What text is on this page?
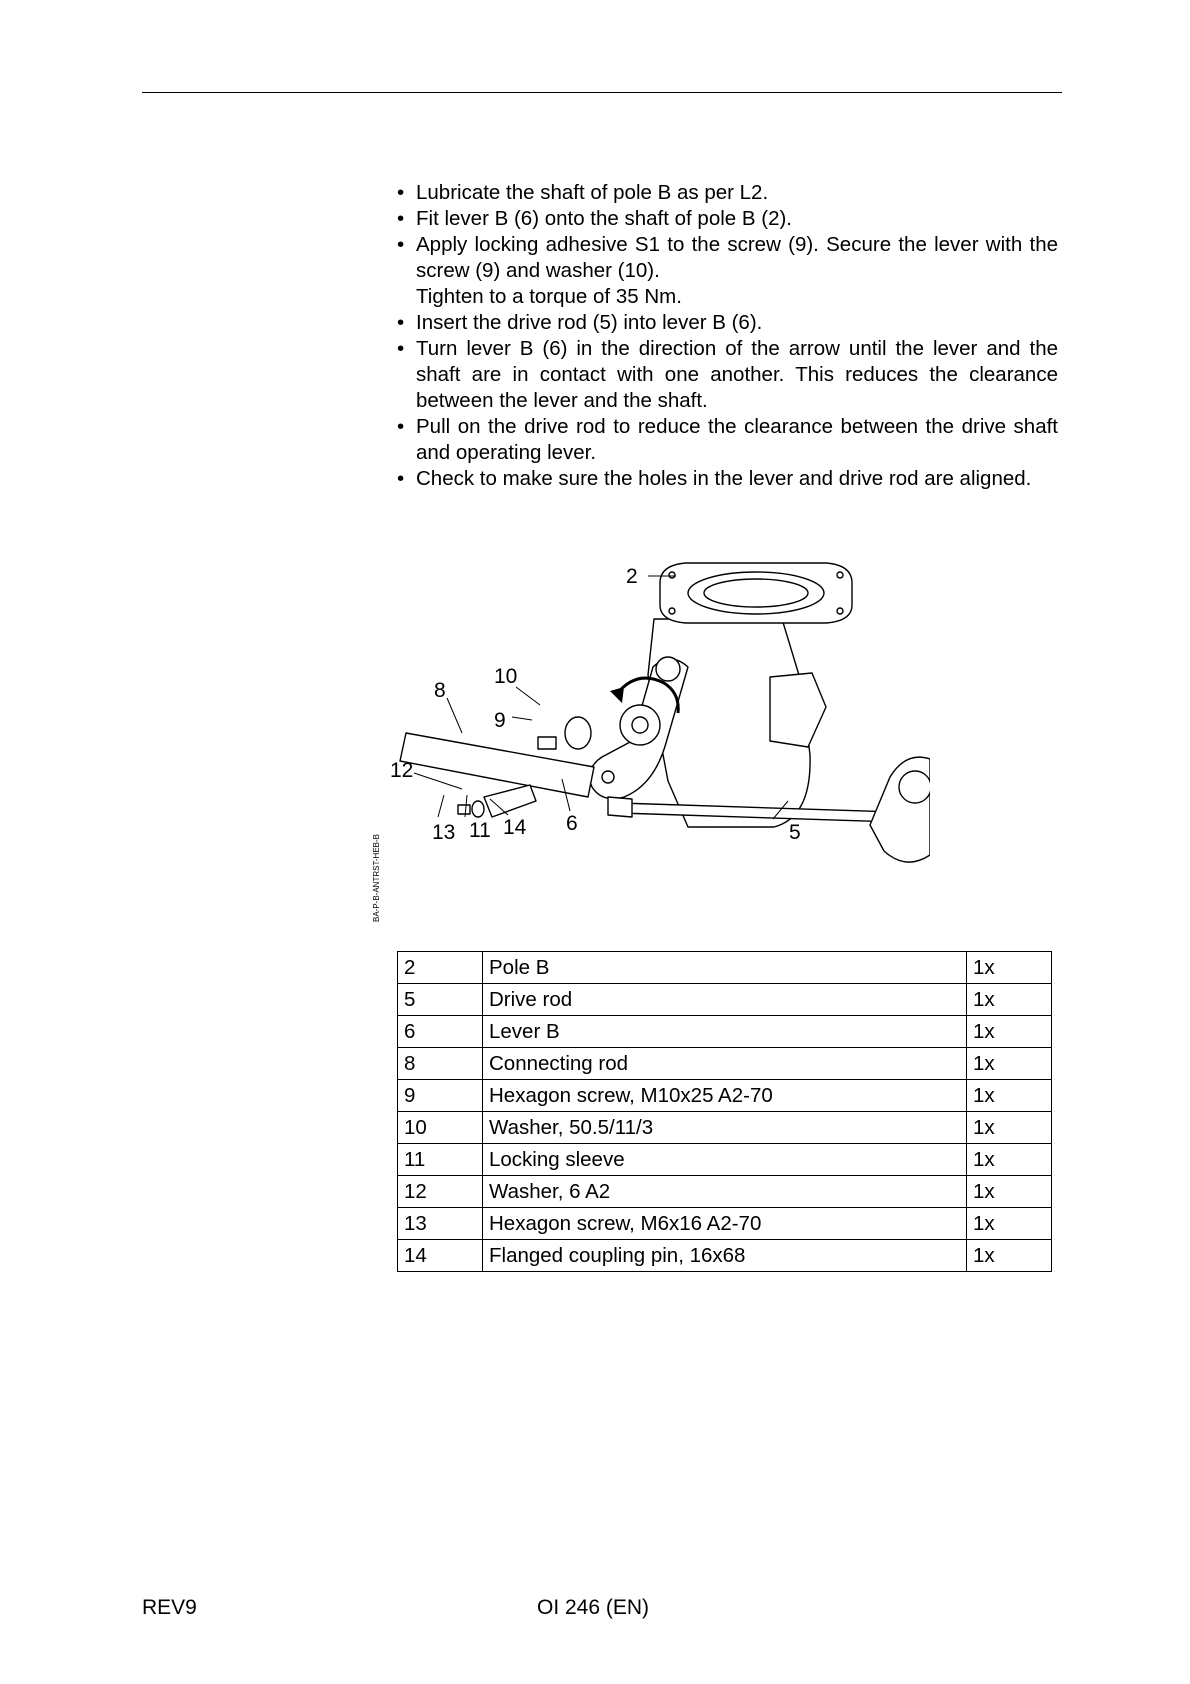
• Lubricate the shaft of pole B as per L2.
• Fit lever B (6) onto the shaft of pole B (2).
• Apply locking adhesive S1 to the screw (9). Secure the lever with the screw (9) and washer (10).
Tighten to a torque of 35 Nm.
• Insert the drive rod (5) into lever B (6).
• Turn lever B (6) in the direction of the arrow until the lever and the shaft are in contact with one another. This reduces the clearance between the lever and the shaft.
• Pull on the drive rod to reduce the clearance between the drive shaft and operating lever.
• Check to make sure the holes in the lever and drive rod are aligned.
2
10
8
9
12
13 11 14 6	5
BA-P-B-ANTRST-HEB-B
2	Pole B	1x
5	Drive rod	1x
6	Lever B	1x
8	Connecting rod	1x
9	Hexagon screw, M10x25 A2-70	1x
10	Washer, 50.5/11/3	1x
11	Locking sleeve	1x
12	Washer, 6 A2	1x
13	Hexagon screw, M6x16 A2-70	1x
14	Flanged coupling pin, 16x68	1x
REV9	OI 246 (EN)
